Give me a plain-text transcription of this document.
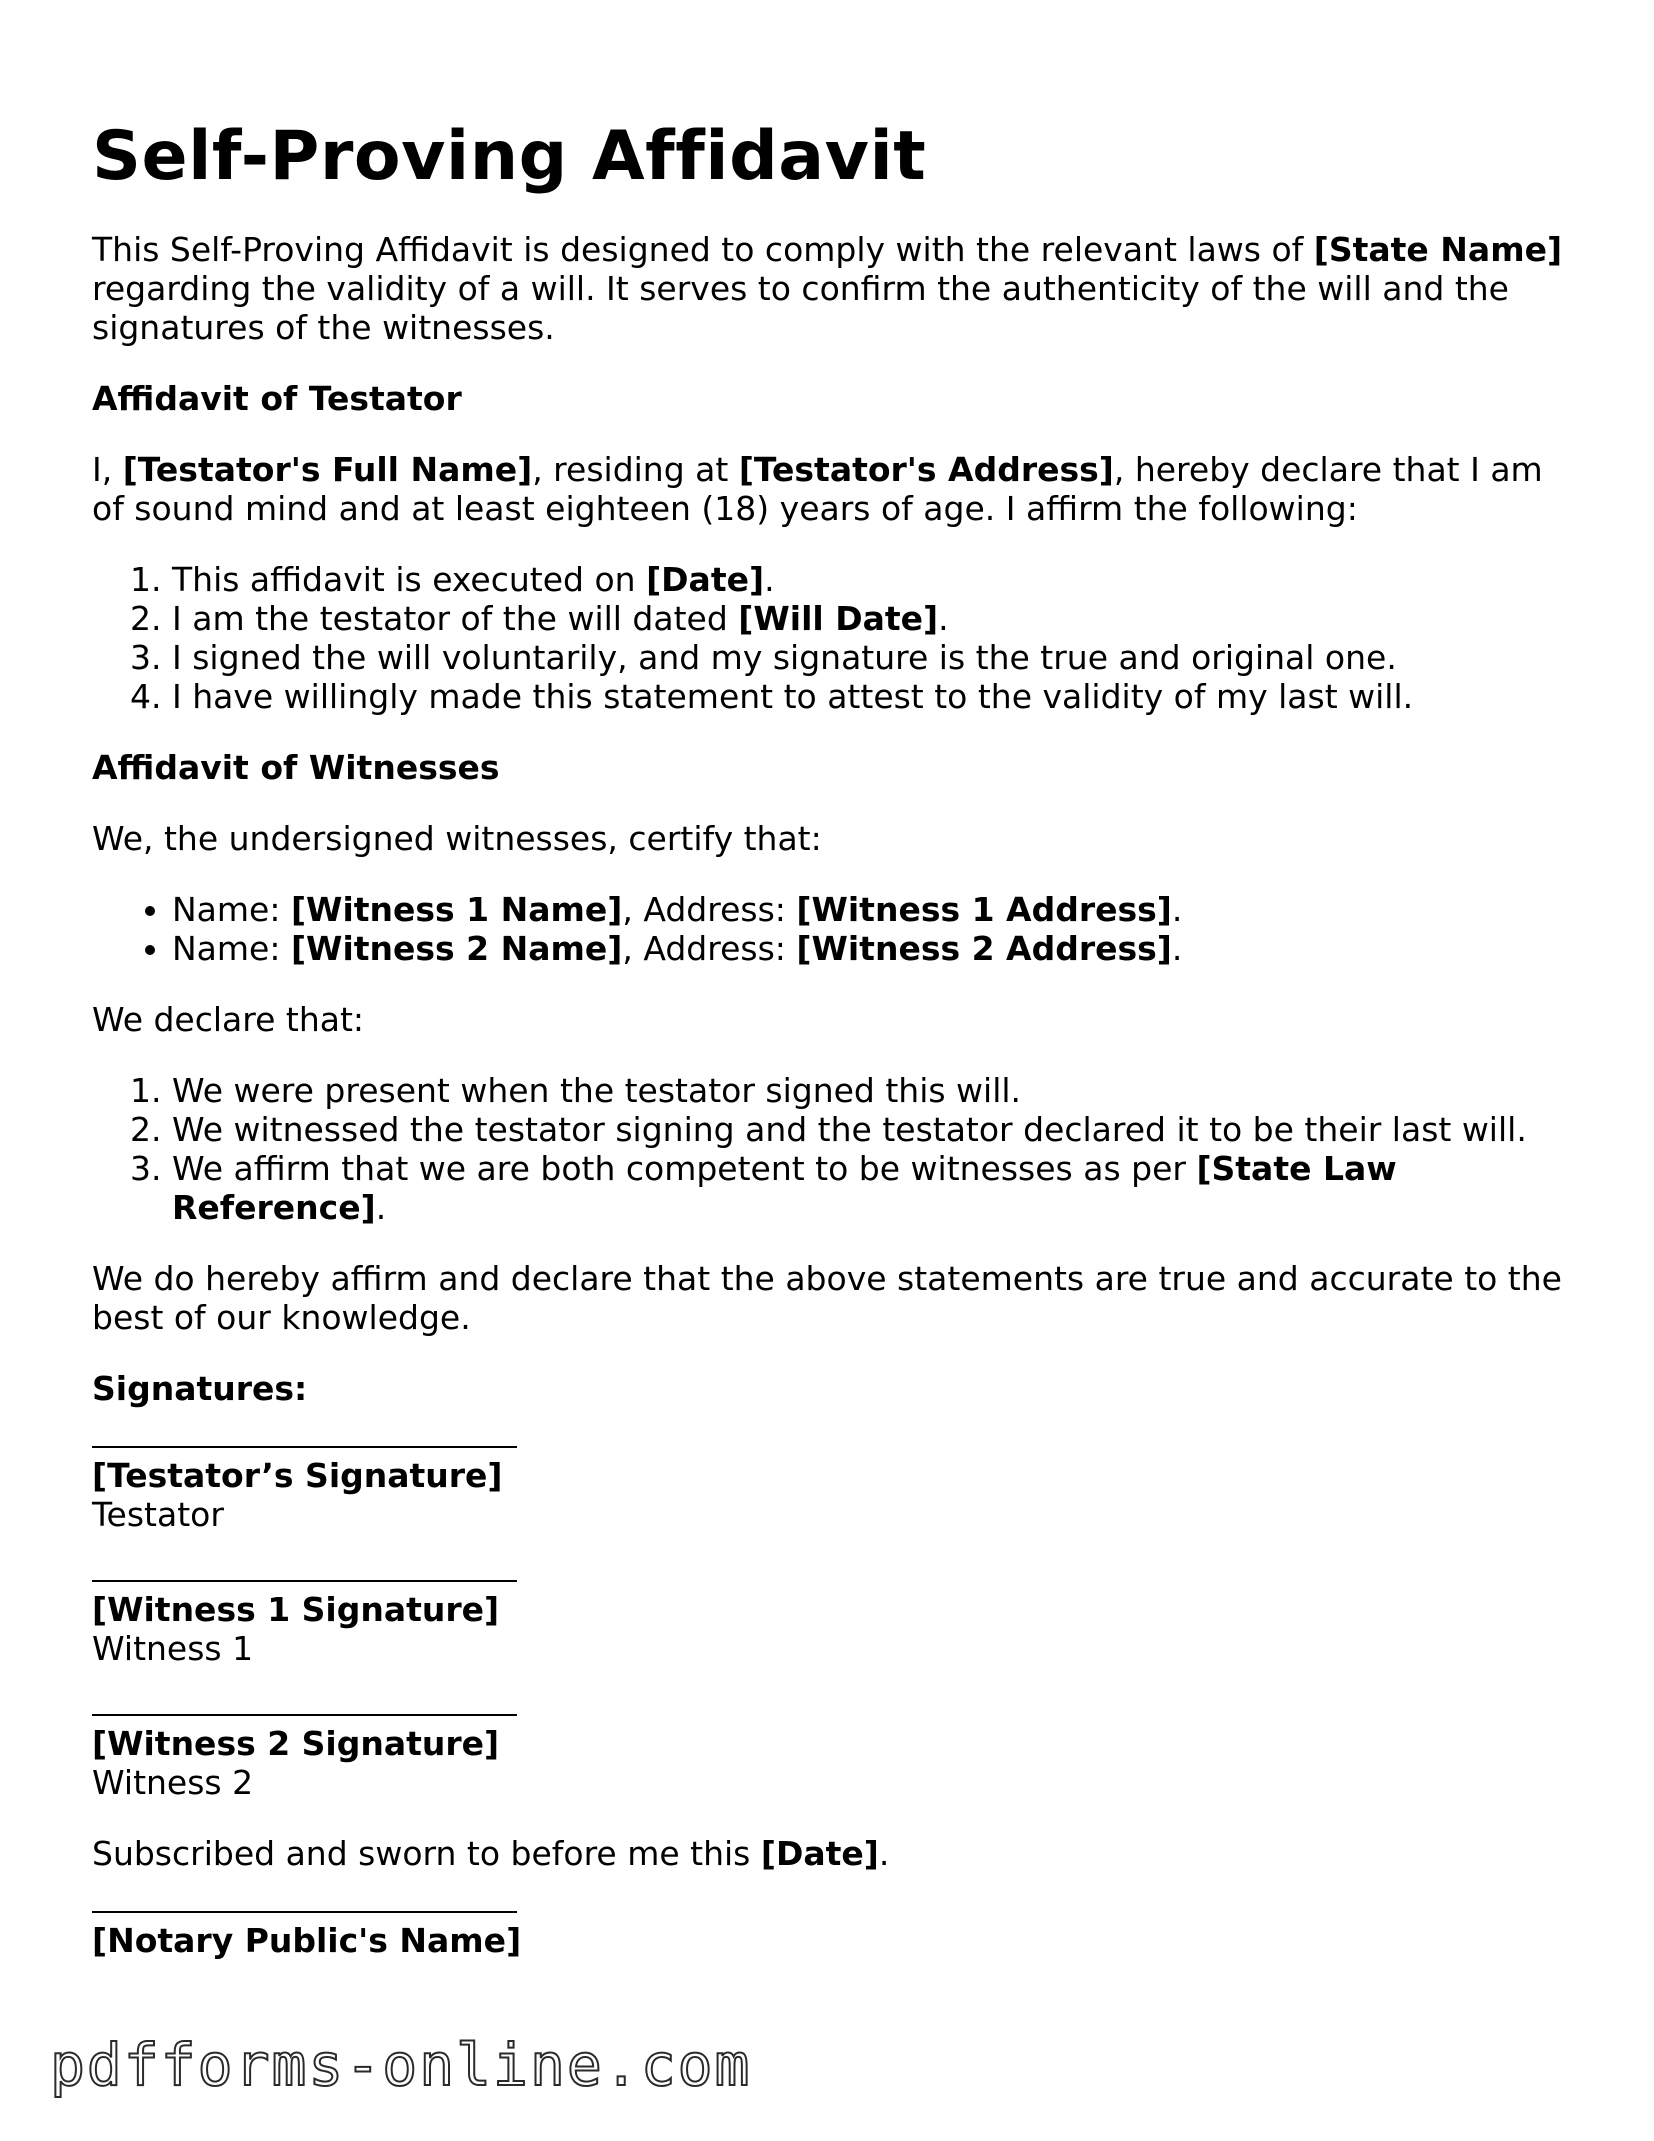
Self-Proving Affidavit

This Self-Proving Affidavit is designed to comply with the relevant laws of [State Name] regarding the validity of a will. It serves to confirm the authenticity of the will and the signatures of the witnesses.

Affidavit of Testator

I, [Testator's Full Name], residing at [Testator's Address], hereby declare that I am of sound mind and at least eighteen (18) years of age. I affirm the following:

1. This affidavit is executed on [Date].
2. I am the testator of the will dated [Will Date].
3. I signed the will voluntarily, and my signature is the true and original one.
4. I have willingly made this statement to attest to the validity of my last will.

Affidavit of Witnesses

We, the undersigned witnesses, certify that:

• Name: [Witness 1 Name], Address: [Witness 1 Address].
• Name: [Witness 2 Name], Address: [Witness 2 Address].

We declare that:

1. We were present when the testator signed this will.
2. We witnessed the testator signing and the testator declared it to be their last will.
3. We affirm that we are both competent to be witnesses as per [State Law Reference].

We do hereby affirm and declare that the above statements are true and accurate to the best of our knowledge.

Signatures:

[Testator’s Signature]

Testator

[Witness 1 Signature]

Witness 1

[Witness 2 Signature]

Witness 2

Subscribed and sworn to before me this [Date].

[Notary Public's Name]

pdfforms-online.com
